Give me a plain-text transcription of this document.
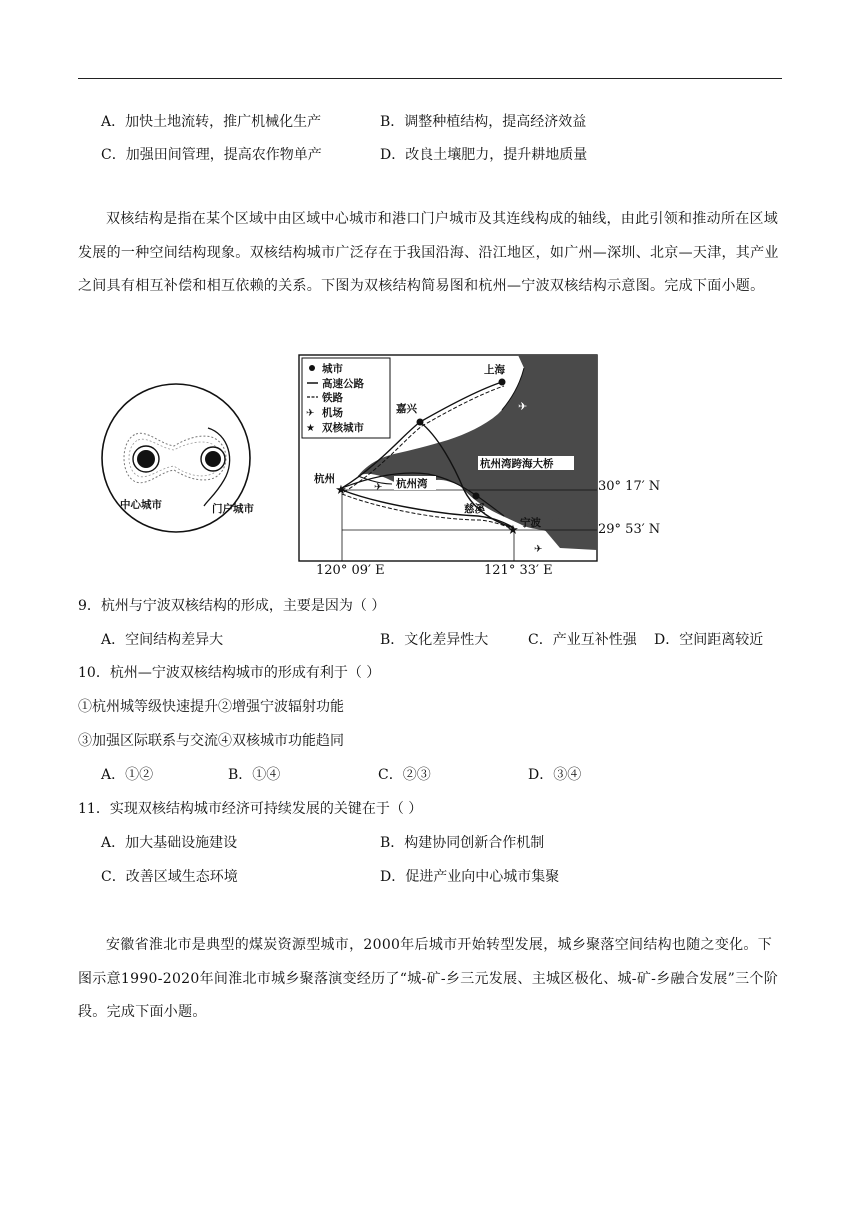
A．加快土地流转，推广机械化生产	B．调整种植结构，提高经济效益
C．加强田间管理，提高农作物单产	D．改良土壤肥力，提升耕地质量
双核结构是指在某个区域中由区域中心城市和港口门户城市及其连线构成的轴线，由此引领和推动所在区域发展的一种空间结构现象。双核结构城市广泛存在于我国沿海、沿江地区，如广州—深圳、北京—天津，其产业之间具有相互补偿和相互依赖的关系。下图为双核结构简易图和杭州—宁波双核结构示意图。完成下面小题。
中心城市	门户城市
★
★
✈
✈
✈
城市
高速公路
铁路
✈ 机场
★ 双核城市
上海
嘉兴
杭州	杭州湾
杭州湾跨海大桥
慈溪
宁波
30° 17′ N
29° 53′ N
120° 09′ E	121° 33′ E
9．杭州与宁波双核结构的形成，主要是因为（ ）
A．空间结构差异大	B．文化差异性大	C．产业互补性强 D．空间距离较近
10．杭州—宁波双核结构城市的形成有利于（ ）
①杭州城等级快速提升②增强宁波辐射功能
③加强区际联系与交流④双核城市功能趋同
A．①②	B．①④	C．②③	D．③④
11．实现双核结构城市经济可持续发展的关键在于（ ）
A．加大基础设施建设	B．构建协同创新合作机制
C．改善区域生态环境	D．促进产业向中心城市集聚
安徽省淮北市是典型的煤炭资源型城市，2000年后城市开始转型发展，城乡聚落空间结构也随之变化。下图示意1990-2020年间淮北市城乡聚落演变经历了“城-矿-乡三元发展、主城区极化、城-矿-乡融合发展”三个阶段。完成下面小题。
